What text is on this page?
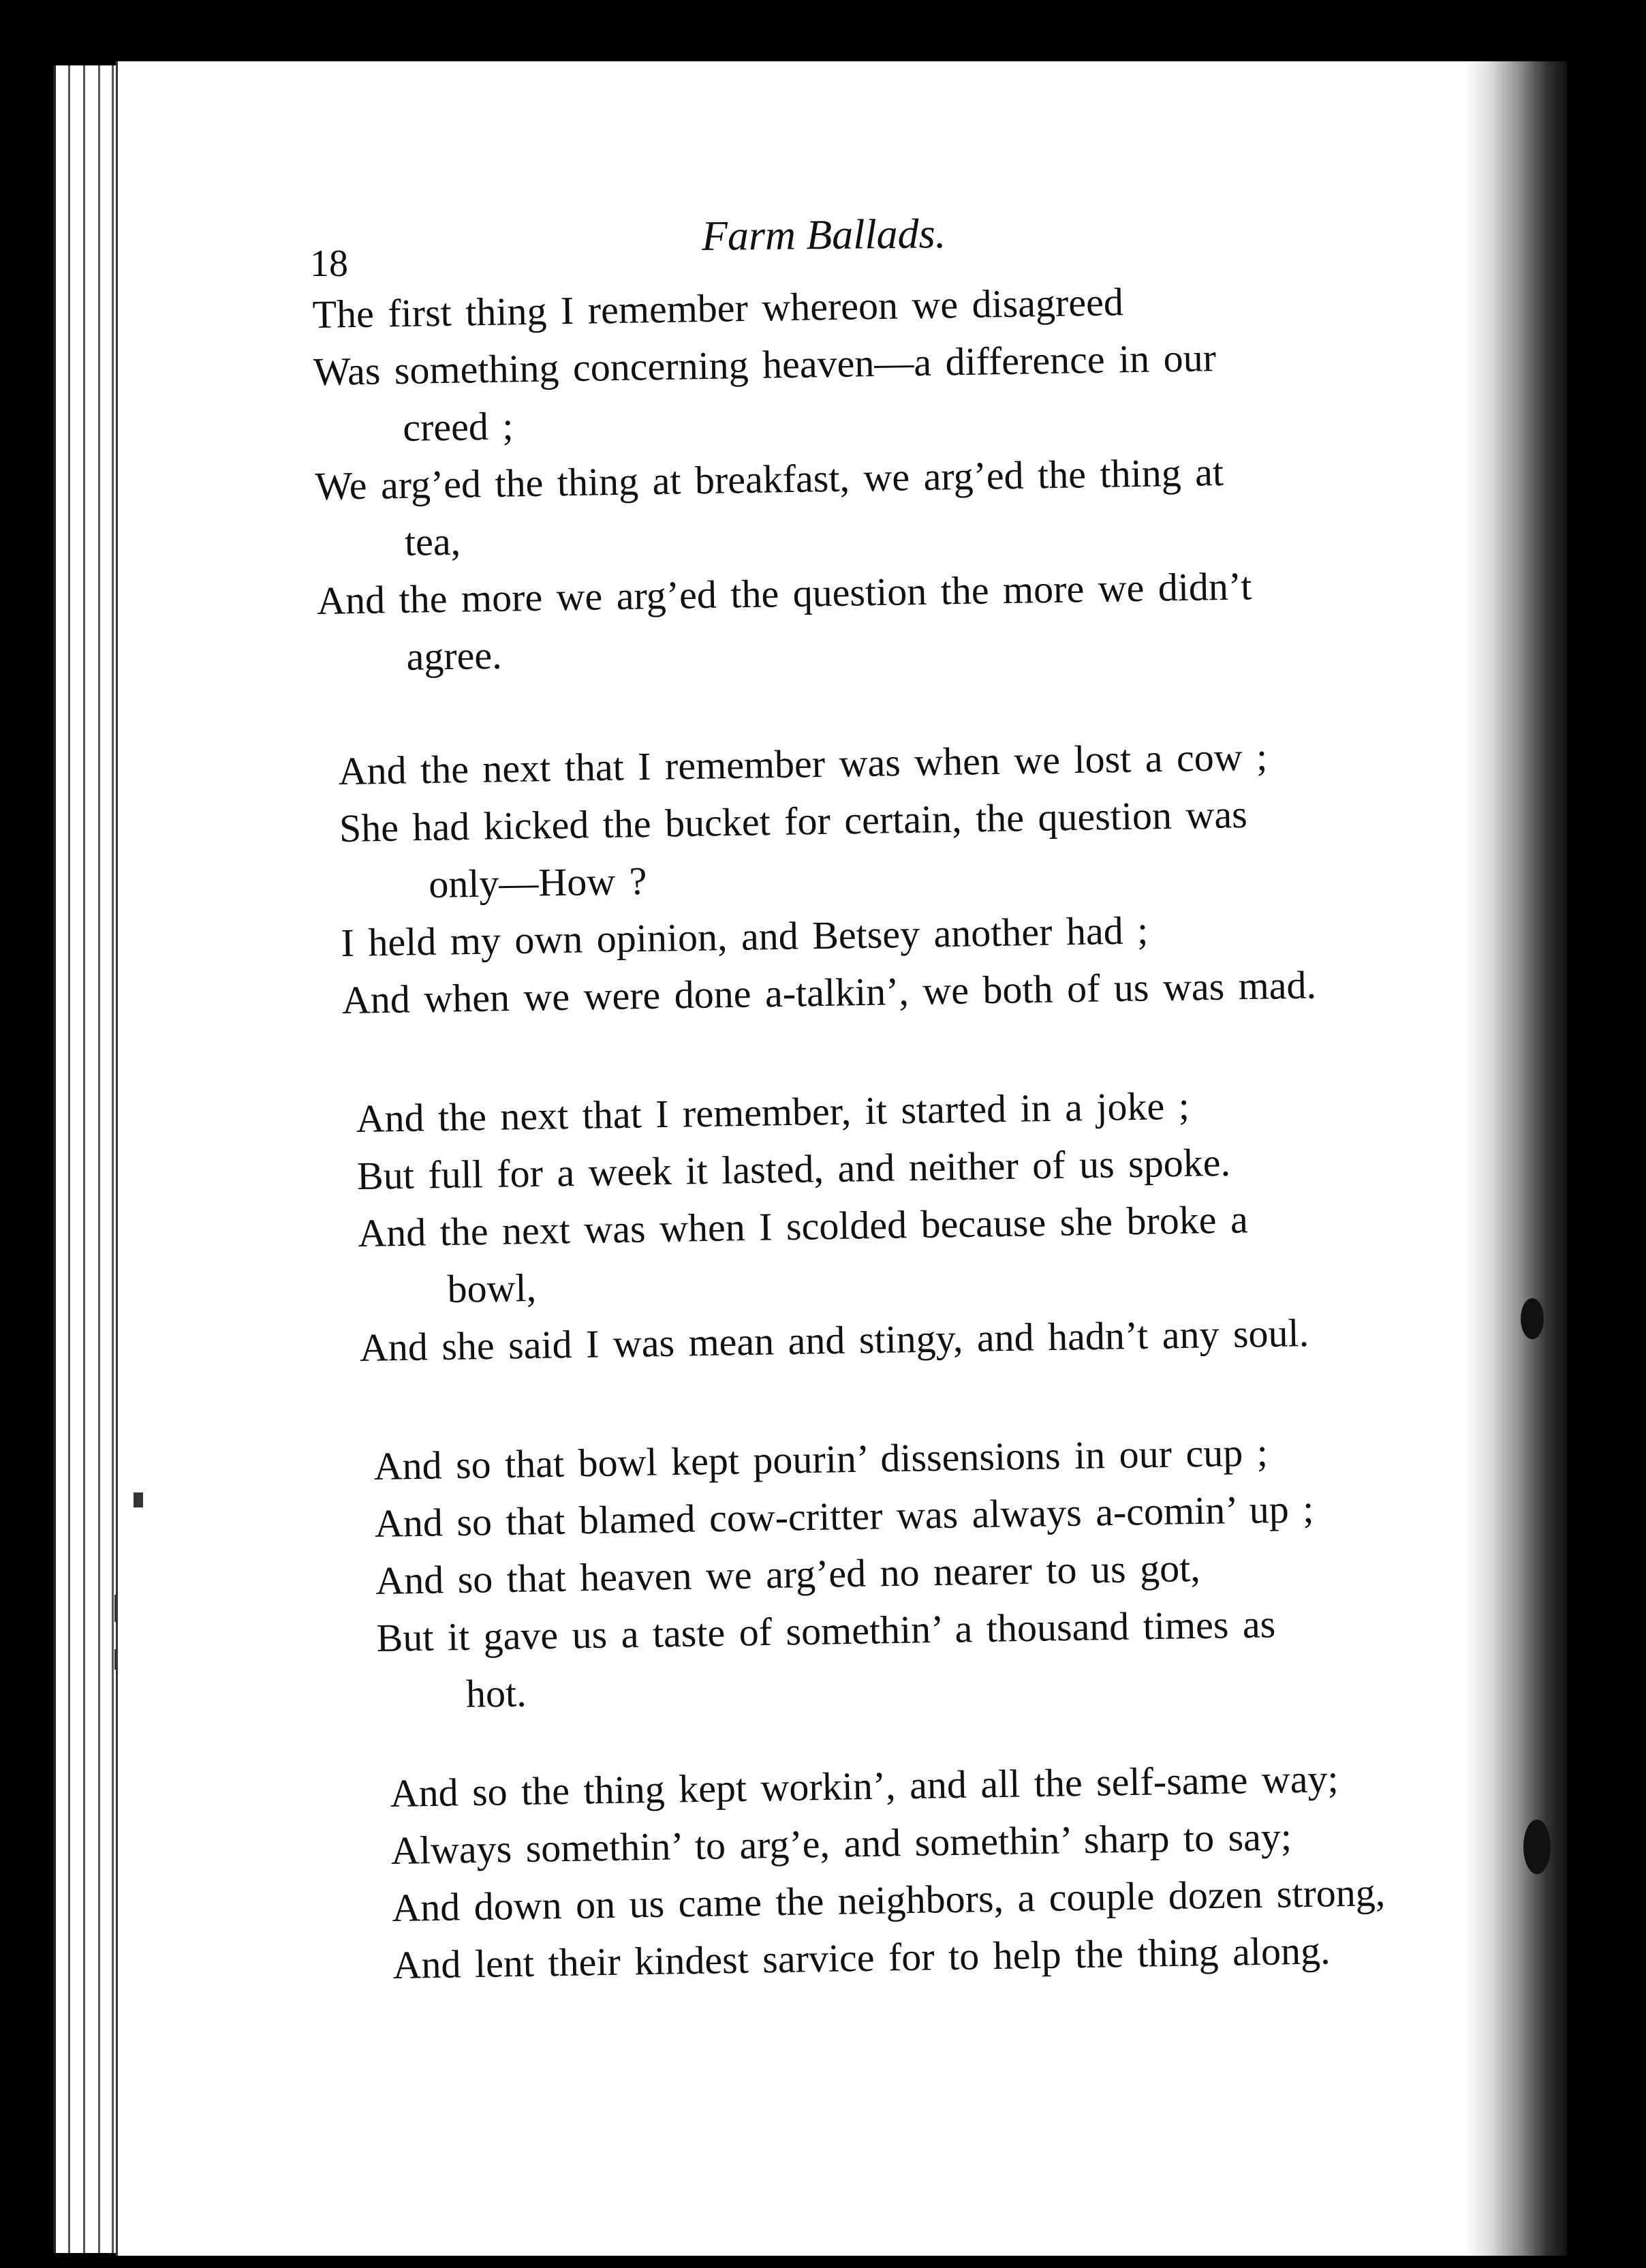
18

Farm Ballads.

The first thing I remember whereon we disagreed
Was something concerning heaven—a difference in our
creed ;
We arg’ed the thing at breakfast, we arg’ed the thing at
tea,
And the more we arg’ed the question the more we didn’t
agree.
And the next that I remember was when we lost a cow ;
She had kicked the bucket for certain, the question was
only—How ?
I held my own opinion, and Betsey another had ;
And when we were done a-talkin’, we both of us was mad.
And the next that I remember, it started in a joke ;
But full for a week it lasted, and neither of us spoke.
And the next was when I scolded because she broke a
bowl,
And she said I was mean and stingy, and hadn’t any soul.
And so that bowl kept pourin’ dissensions in our cup ;
And so that blamed cow-critter was always a-comin’ up ;
And so that heaven we arg’ed no nearer to us got,
But it gave us a taste of somethin’ a thousand times as
hot.
And so the thing kept workin’, and all the self-same way;
Always somethin’ to arg’e, and somethin’ sharp to say;
And down on us came the neighbors, a couple dozen strong,
And lent their kindest sarvice for to help the thing along.
